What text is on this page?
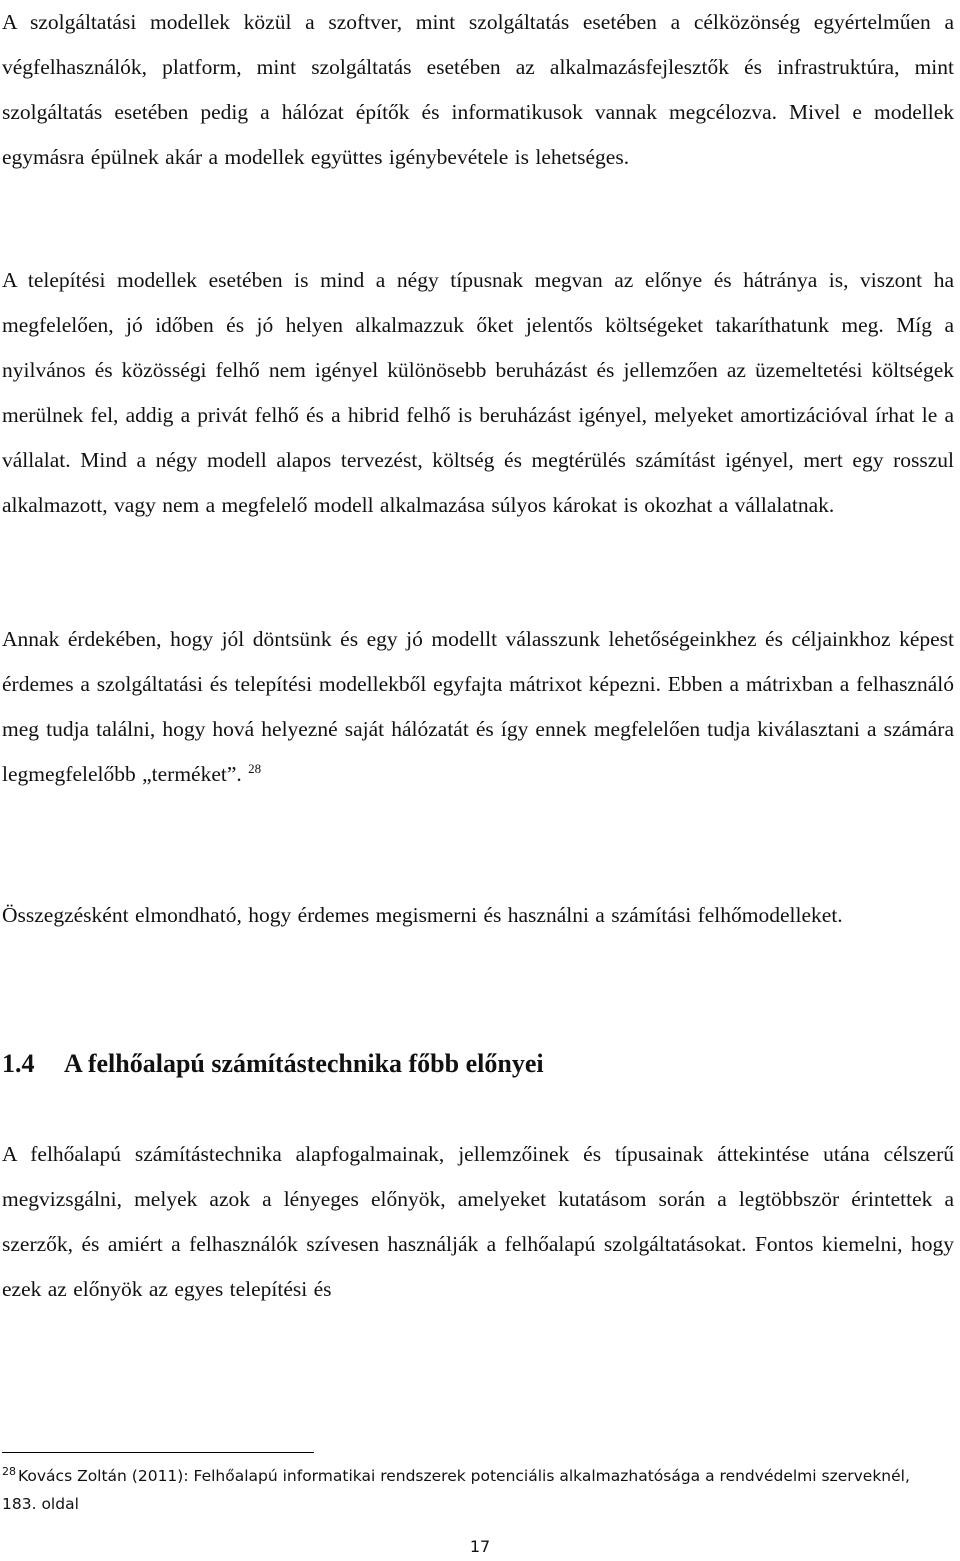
A szolgáltatási modellek közül a szoftver, mint szolgáltatás esetében a célközönség egyértelműen a végfelhasználók, platform, mint szolgáltatás esetében az alkalmazásfejlesztők és infrastruktúra, mint szolgáltatás esetében pedig a hálózat építők és informatikusok vannak megcélozva. Mivel e modellek egymásra épülnek akár a modellek együttes igénybevétele is lehetséges.

A telepítési modellek esetében is mind a négy típusnak megvan az előnye és hátránya is, viszont ha megfelelően, jó időben és jó helyen alkalmazzuk őket jelentős költségeket takaríthatunk meg. Míg a nyilvános és közösségi felhő nem igényel különösebb beruházást és jellemzően az üzemeltetési költségek merülnek fel, addig a privát felhő és a hibrid felhő is beruházást igényel, melyeket amortizációval írhat le a vállalat. Mind a négy modell alapos tervezést, költség és megtérülés számítást igényel, mert egy rosszul alkalmazott, vagy nem a megfelelő modell alkalmazása súlyos károkat is okozhat a vállalatnak.

Annak érdekében, hogy jól döntsünk és egy jó modellt válasszunk lehetőségeinkhez és céljainkhoz képest érdemes a szolgáltatási és telepítési modellekből egyfajta mátrixot képezni. Ebben a mátrixban a felhasználó meg tudja találni, hogy hová helyezné saját hálózatát és így ennek megfelelően tudja kiválasztani a számára legmegfelelőbb „terméket”. $^{28}$

Összegzésként elmondható, hogy érdemes megismerni és használni a számítási felhőmodelleket.

1.4 A felhőalapú számítástechnika főbb előnyei

A felhőalapú számítástechnika alapfogalmainak, jellemzőinek és típusainak áttekintése utána célszerű megvizsgálni, melyek azok a lényeges előnyök, amelyeket kutatásom során a legtöbbször érintettek a szerzők, és amiért a felhasználók szívesen használják a felhőalapú szolgáltatásokat. Fontos kiemelni, hogy ezek az előnyök az egyes telepítési és

$^{28}$ Kovács Zoltán (2011): Felhőalapú informatikai rendszerek potenciális alkalmazhatósága a rendvédelmi szerveknél, 183. oldal

17
